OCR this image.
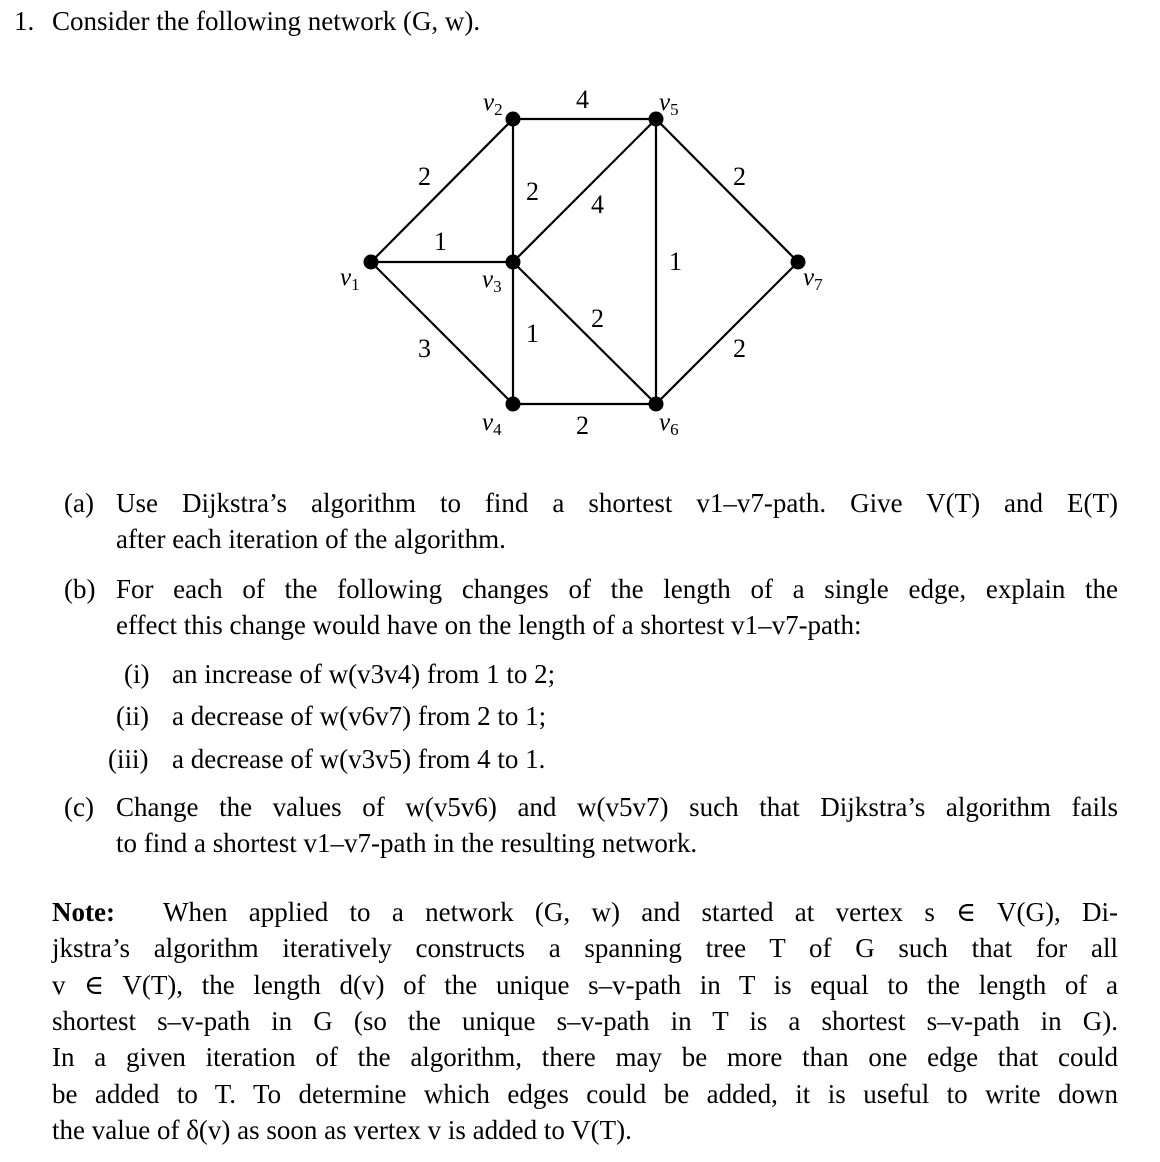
1. Consider the following network (G, w).
$v_1$
$v_2$
$v_3$
$v_4$
$v_5$
$v_6$
$v_7$
2
1
3
2
4
4
1
2
2
1
2
2
(a) Use Dijkstra’s algorithm to find a shortest v1–v7-path. Give V(T) and E(T)
after each iteration of the algorithm.
(b) For each of the following changes of the length of a single edge, explain the
effect this change would have on the length of a shortest v1–v7-path:
(i) an increase of w(v3v4) from 1 to 2;
(ii) a decrease of w(v6v7) from 2 to 1;
(iii) a decrease of w(v3v5) from 4 to 1.
(c) Change the values of w(v5v6) and w(v5v7) such that Dijkstra’s algorithm fails
to find a shortest v1–v7-path in the resulting network.
Note: When applied to a network (G, w) and started at vertex s ∈ V(G), Di-
jkstra’s algorithm iteratively constructs a spanning tree T of G such that for all
v ∈ V(T), the length d(v) of the unique s–v-path in T is equal to the length of a
shortest s–v-path in G (so the unique s–v-path in T is a shortest s–v-path in G).
In a given iteration of the algorithm, there may be more than one edge that could
be added to T. To determine which edges could be added, it is useful to write down
the value of δ(v) as soon as vertex v is added to V(T).
